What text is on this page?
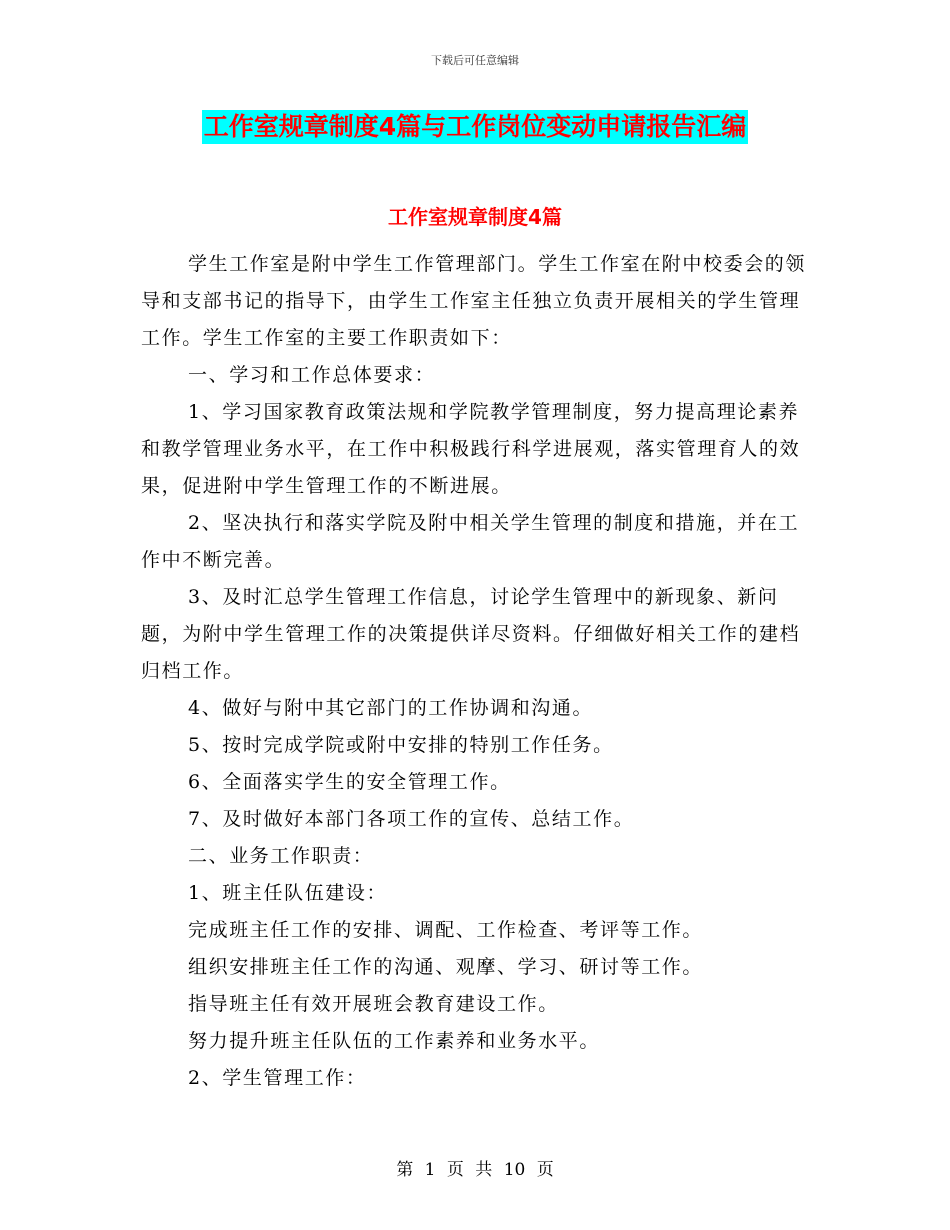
下载后可任意编辑
工作室规章制度4篇与工作岗位变动申请报告汇编
工作室规章制度4篇

学生工作室是附中学生工作管理部门。学生工作室在附中校委会的领导和支部书记的指导下，由学生工作室主任独立负责开展相关的学生管理工作。学生工作室的主要工作职责如下：

一、学习和工作总体要求：

1、学习国家教育政策法规和学院教学管理制度，努力提高理论素养和教学管理业务水平，在工作中积极践行科学进展观，落实管理育人的效果，促进附中学生管理工作的不断进展。

2、坚决执行和落实学院及附中相关学生管理的制度和措施，并在工作中不断完善。

3、及时汇总学生管理工作信息，讨论学生管理中的新现象、新问题，为附中学生管理工作的决策提供详尽资料。仔细做好相关工作的建档归档工作。

4、做好与附中其它部门的工作协调和沟通。

5、按时完成学院或附中安排的特别工作任务。

6、全面落实学生的安全管理工作。

7、及时做好本部门各项工作的宣传、总结工作。

二、业务工作职责：

1、班主任队伍建设：

完成班主任工作的安排、调配、工作检查、考评等工作。

组织安排班主任工作的沟通、观摩、学习、研讨等工作。

指导班主任有效开展班会教育建设工作。

努力提升班主任队伍的工作素养和业务水平。

2、学生管理工作：

第 1 页 共 10 页
